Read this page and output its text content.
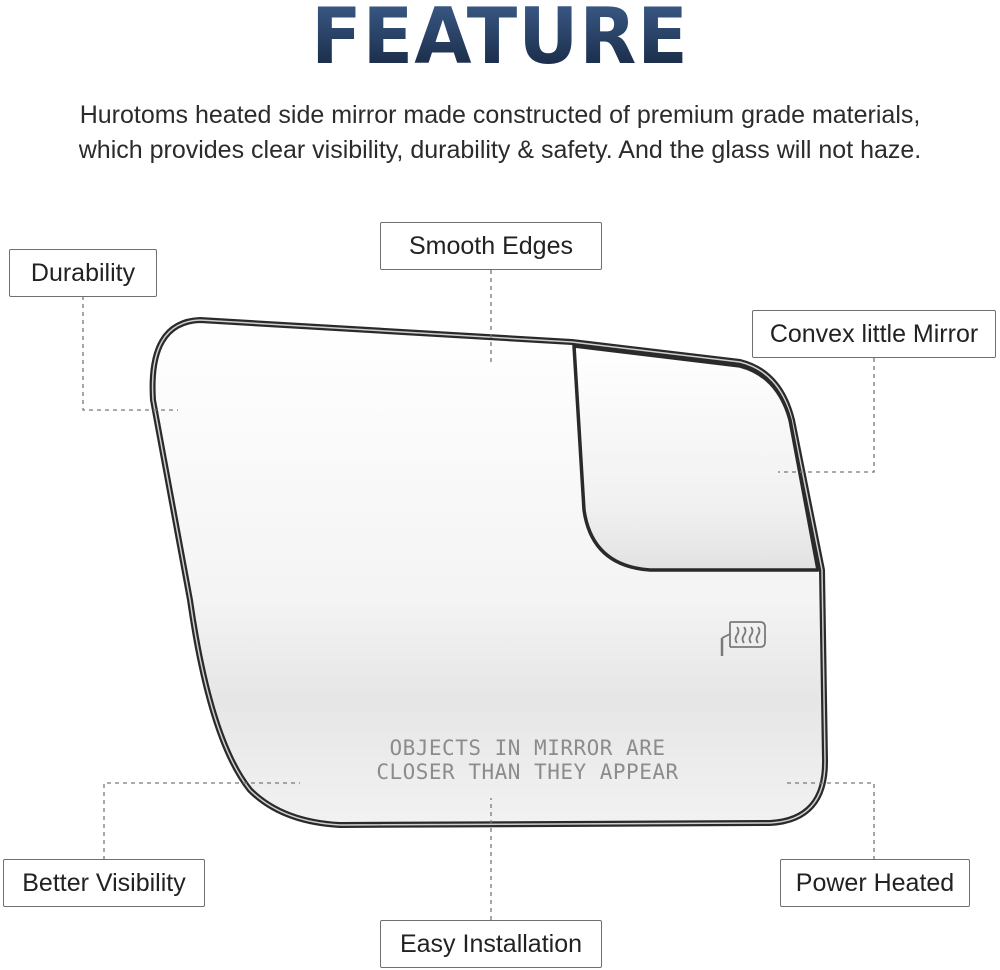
FEATURE
Hurotoms heated side mirror made constructed of premium grade materials,
which provides clear visibility, durability & safety. And the glass will not haze.
OBJECTS IN MIRROR ARE
CLOSER THAN THEY APPEAR
Durability
Smooth Edges
Convex little Mirror
Better Visibility
Easy Installation
Power Heated
